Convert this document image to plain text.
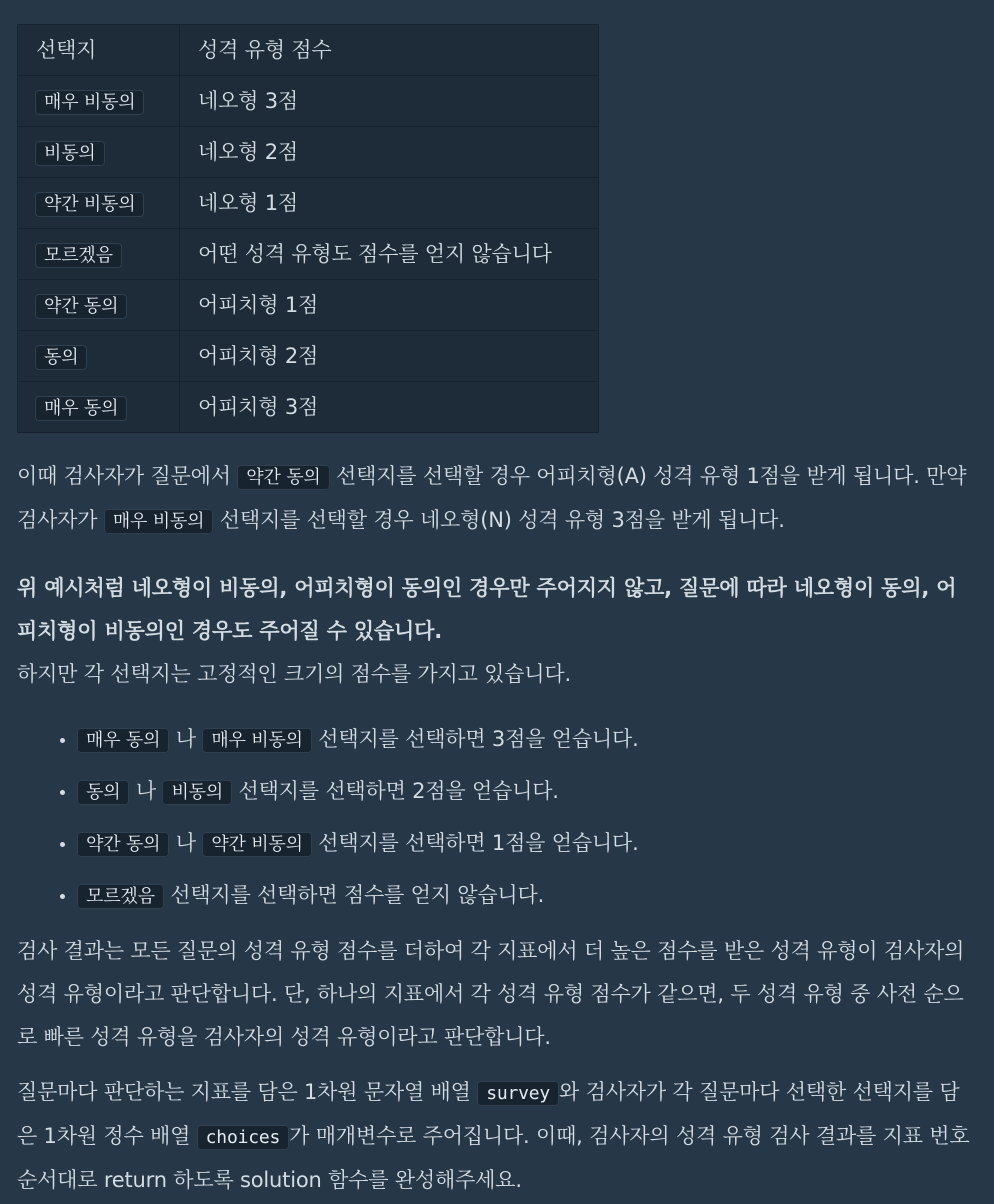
선택지	성격 유형 점수
매우 비동의	네오형 3점
비동의	네오형 2점
약간 비동의	네오형 1점
모르겠음	어떤 성격 유형도 점수를 얻지 않습니다
약간 동의	어피치형 1점
동의	어피치형 2점
매우 동의	어피치형 3점

이때 검사자가 질문에서 약간 동의 선택지를 선택할 경우 어피치형(A) 성격 유형 1점을 받게 됩니다. 만약 검사자가 매우 비동의 선택지를 선택할 경우 네오형(N) 성격 유형 3점을 받게 됩니다.

위 예시처럼 네오형이 비동의, 어피치형이 동의인 경우만 주어지지 않고, 질문에 따라 네오형이 동의, 어피치형이 비동의인 경우도 주어질 수 있습니다.

하지만 각 선택지는 고정적인 크기의 점수를 가지고 있습니다.

• 매우 동의 나 매우 비동의 선택지를 선택하면 3점을 얻습니다.
• 동의 나 비동의 선택지를 선택하면 2점을 얻습니다.
• 약간 동의 나 약간 비동의 선택지를 선택하면 1점을 얻습니다.
• 모르겠음 선택지를 선택하면 점수를 얻지 않습니다.

검사 결과는 모든 질문의 성격 유형 점수를 더하여 각 지표에서 더 높은 점수를 받은 성격 유형이 검사자의 성격 유형이라고 판단합니다. 단, 하나의 지표에서 각 성격 유형 점수가 같으면, 두 성격 유형 중 사전 순으로 빠른 성격 유형을 검사자의 성격 유형이라고 판단합니다.

질문마다 판단하는 지표를 담은 1차원 문자열 배열 survey 와 검사자가 각 질문마다 선택한 선택지를 담은 1차원 정수 배열 choices 가 매개변수로 주어집니다. 이때, 검사자의 성격 유형 검사 결과를 지표 번호 순서대로 return 하도록 solution 함수를 완성해주세요.
